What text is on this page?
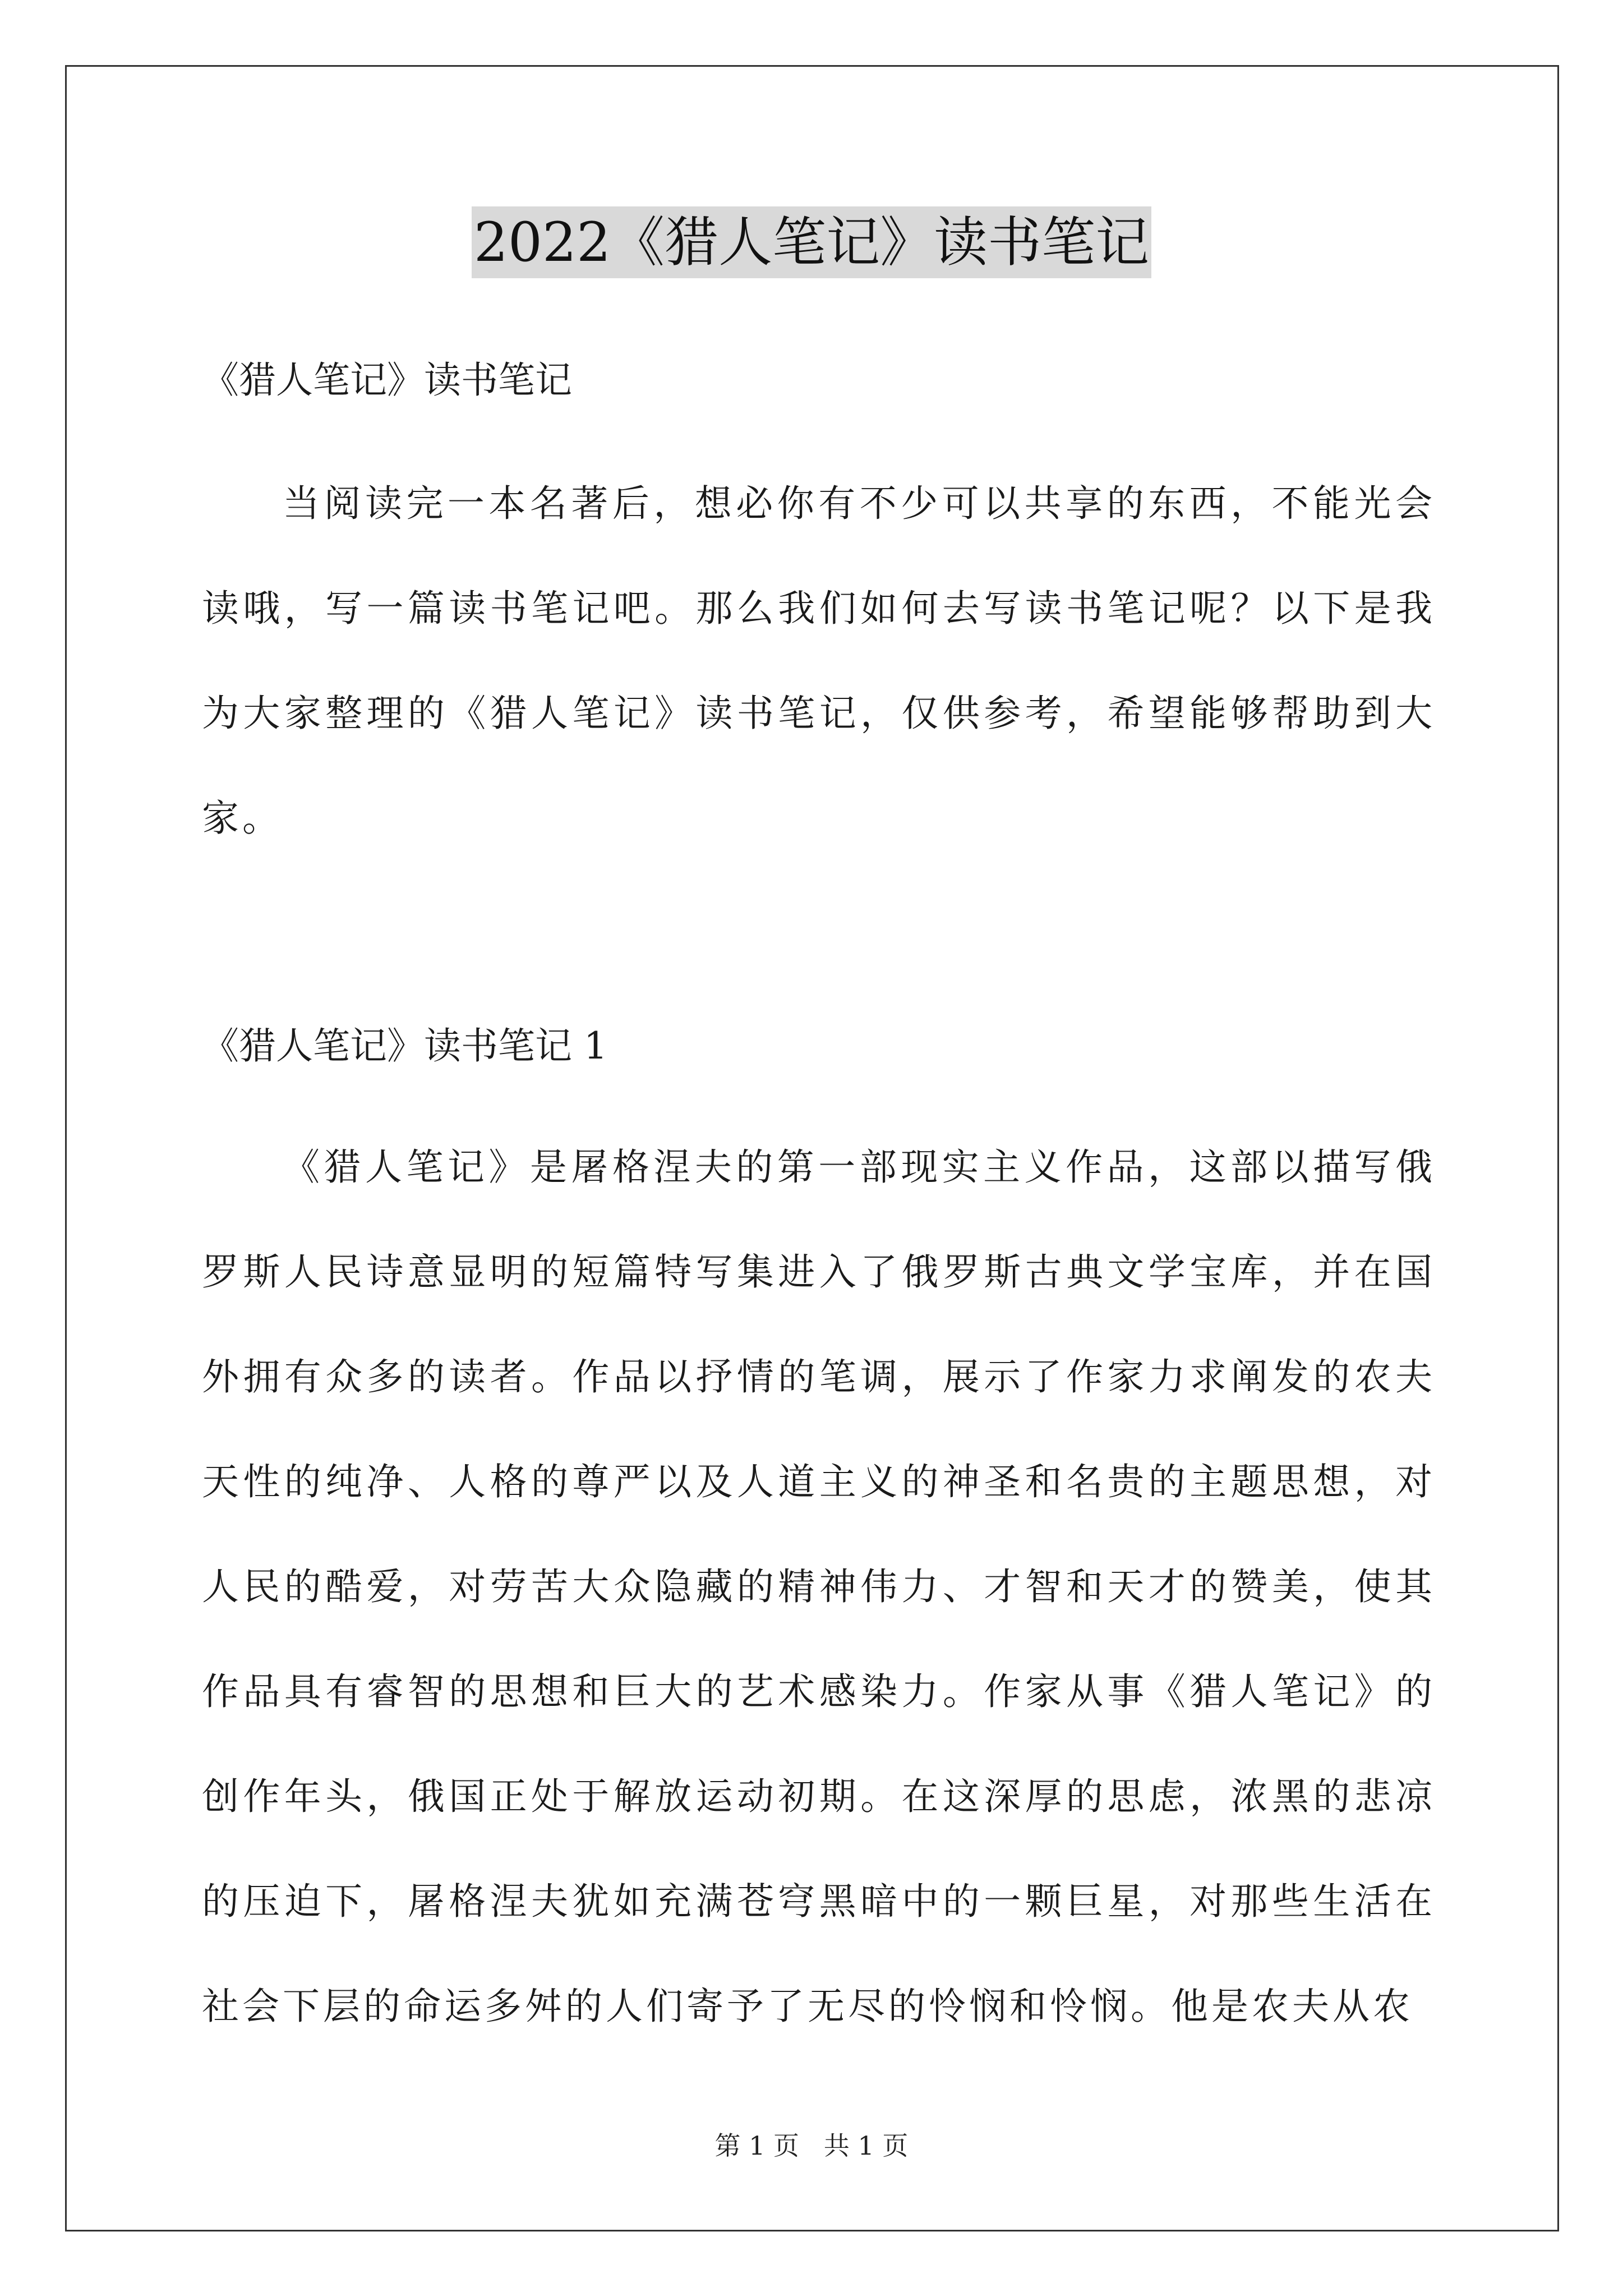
2022《猎人笔记》读书笔记

《猎人笔记》读书笔记

当阅读完一本名著后，想必你有不少可以共享的东西，不能光会读哦，写一篇读书笔记吧。那么我们如何去写读书笔记呢？以下是我为大家整理的《猎人笔记》读书笔记，仅供参考，希望能够帮助到大家。

《猎人笔记》读书笔记 1

《猎人笔记》是屠格涅夫的第一部现实主义作品，这部以描写俄罗斯人民诗意显明的短篇特写集进入了俄罗斯古典文学宝库，并在国外拥有众多的读者。作品以抒情的笔调，展示了作家力求阐发的农夫天性的纯净、人格的尊严以及人道主义的神圣和名贵的主题思想，对人民的酷爱，对劳苦大众隐藏的精神伟力、才智和天才的赞美，使其作品具有睿智的思想和巨大的艺术感染力。作家从事《猎人笔记》的创作年头，俄国正处于解放运动初期。在这深厚的思虑，浓黑的悲凉的压迫下，屠格涅夫犹如充满苍穹黑暗中的一颗巨星，对那些生活在社会下层的命运多舛的人们寄予了无尽的怜悯和怜悯。他是农夫从农

第 1 页   共 1 页
